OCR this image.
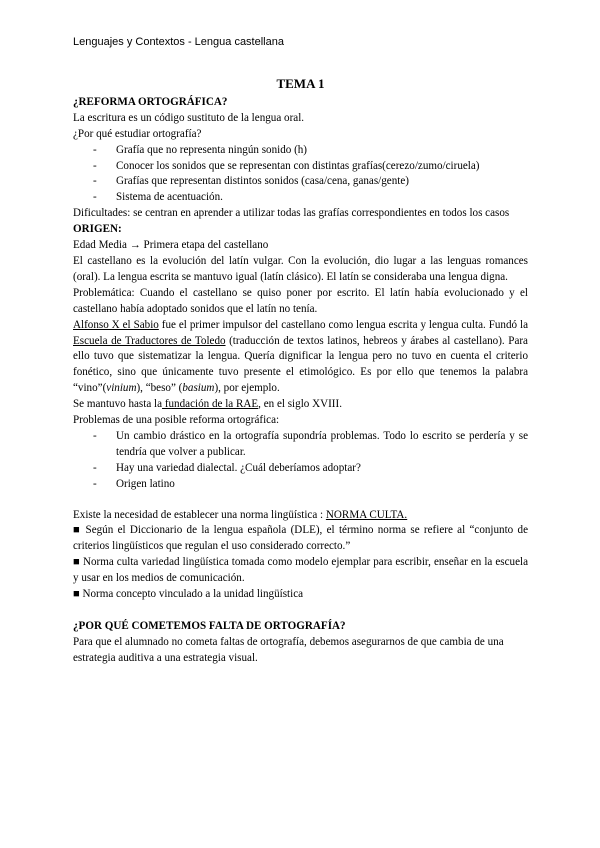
Lenguajes y Contextos - Lengua castellana
TEMA 1
¿REFORMA ORTOGRÁFICA?
La escritura es un código sustituto de la lengua oral.
¿Por qué estudiar ortografía?
-	Grafía que no representa ningún sonido (h)
-	Conocer los sonidos que se representan con distintas grafías(cerezo/zumo/ciruela)
-	Grafías que representan distintos sonidos (casa/cena, ganas/gente)
-	Sistema de acentuación.
Dificultades: se centran en aprender a utilizar todas las grafías correspondientes en todos los casos
ORIGEN:
Edad Media → Primera etapa del castellano
El castellano es la evolución del latín vulgar. Con la evolución, dio lugar a las lenguas romances (oral). La lengua escrita se mantuvo igual (latín clásico). El latín se consideraba una lengua digna.
Problemática: Cuando el castellano se quiso poner por escrito. El latín había evolucionado y el castellano había adoptado sonidos que el latín no tenía.
Alfonso X el Sabio fue el primer impulsor del castellano como lengua escrita y lengua culta. Fundó la Escuela de Traductores de Toledo (traducción de textos latinos, hebreos y árabes al castellano). Para ello tuvo que sistematizar la lengua. Quería dignificar la lengua pero no tuvo en cuenta el criterio fonético, sino que únicamente tuvo presente el etimológico. Es por ello que tenemos la palabra “vino”(vinium), “beso” (basium), por ejemplo.
Se mantuvo hasta la fundación de la RAE, en el siglo XVIII.
Problemas de una posible reforma ortográfica:
-	Un cambio drástico en la ortografía supondría problemas. Todo lo escrito se perdería y se tendría que volver a publicar.
-	Hay una variedad dialectal. ¿Cuál deberíamos adoptar?
-	Origen latino
Existe la necesidad de establecer una norma lingüística : NORMA CULTA.
■ Según el Diccionario de la lengua española (DLE), el término norma se refiere al “conjunto de criterios lingüísticos que regulan el uso considerado correcto.”
■ Norma culta variedad lingüística tomada como modelo ejemplar para escribir, enseñar en la escuela y usar en los medios de comunicación.
■ Norma concepto vinculado a la unidad lingüística
¿POR QUÉ COMETEMOS FALTA DE ORTOGRAFÍA?
Para que el alumnado no cometa faltas de ortografía, debemos asegurarnos de que cambia de una estrategia auditiva a una estrategia visual.
